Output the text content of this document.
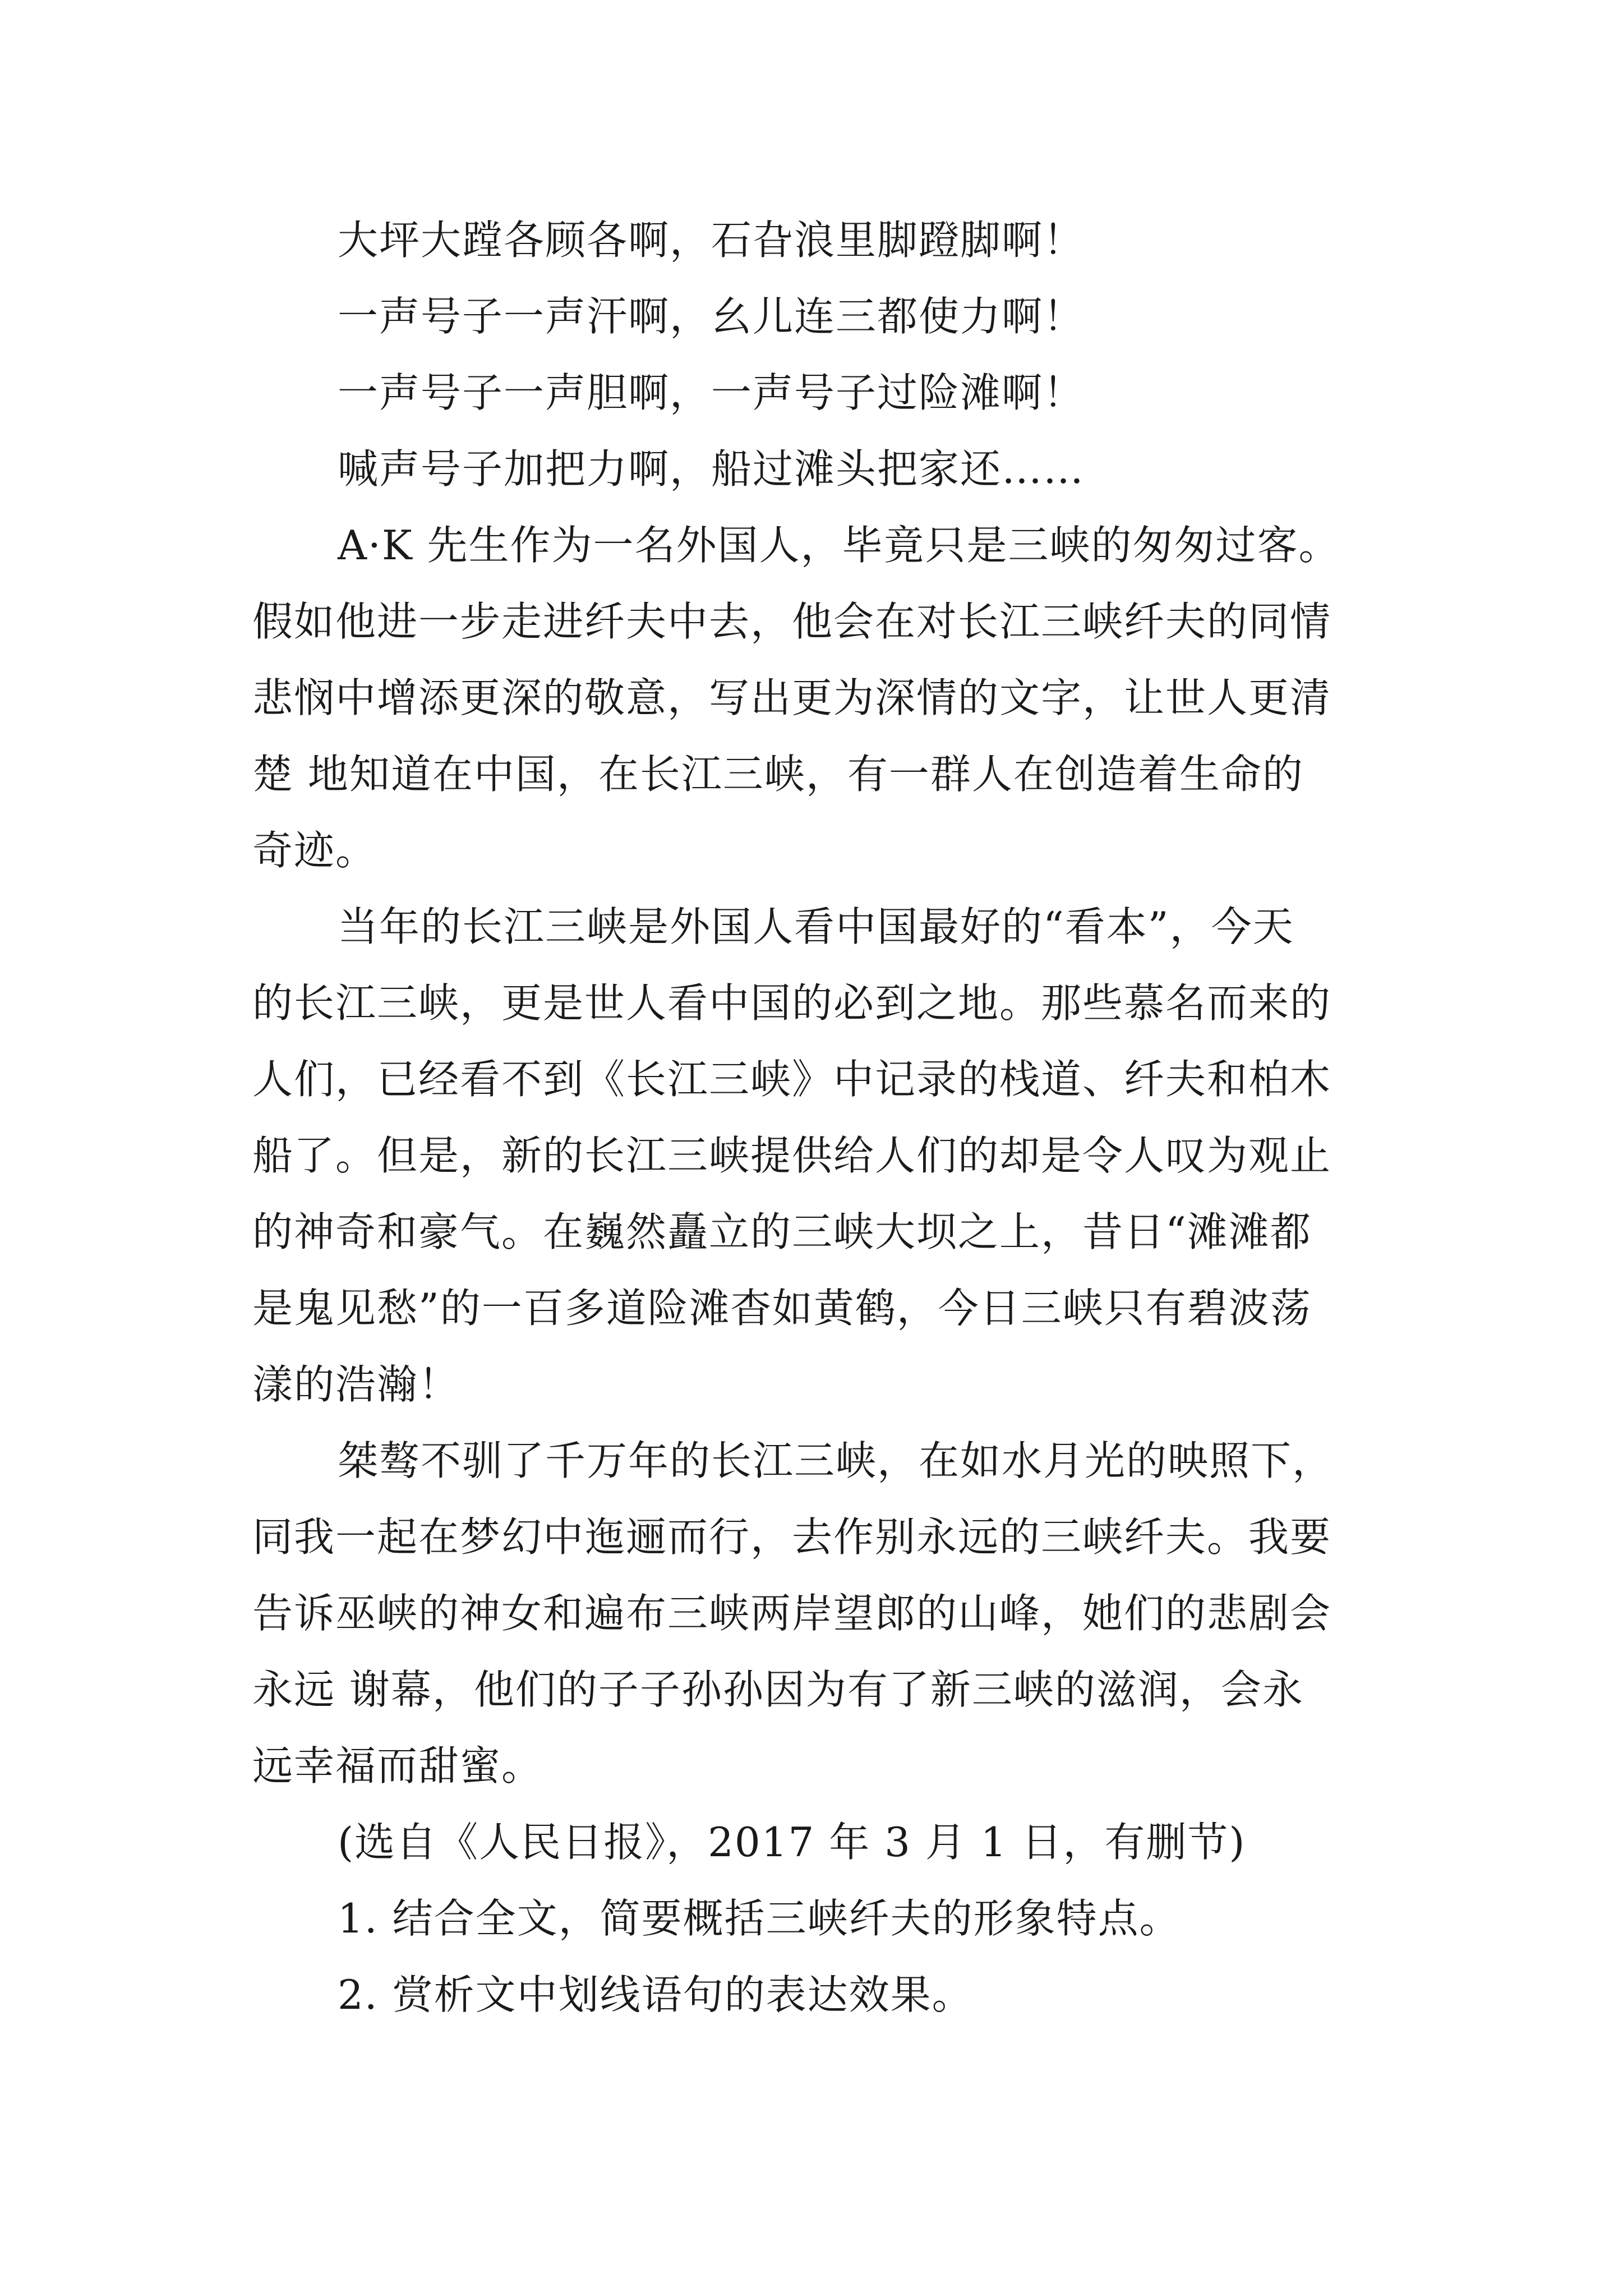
大坪大蹚各顾各啊，石旮浪里脚蹬脚啊！
一声号子一声汗啊，幺儿连三都使力啊！
一声号子一声胆啊，一声号子过险滩啊！
喊声号子加把力啊，船过滩头把家还……
A·K 先生作为一名外国人，毕竟只是三峡的匆匆过客。
假如他进一步走进纤夫中去，他会在对长江三峡纤夫的同情
悲悯中增添更深的敬意，写出更为深情的文字，让世人更清
楚 地知道在中国，在长江三峡，有一群人在创造着生命的
奇迹。
当年的长江三峡是外国人看中国最好的“看本”，今天
的长江三峡，更是世人看中国的必到之地。那些慕名而来的
人们，已经看不到《长江三峡》中记录的栈道、纤夫和柏木
船了。但是，新的长江三峡提供给人们的却是令人叹为观止
的神奇和豪气。在巍然矗立的三峡大坝之上，昔日“滩滩都
是鬼见愁”的一百多道险滩杳如黄鹤，今日三峡只有碧波荡
漾的浩瀚！
桀骜不驯了千万年的长江三峡，在如水月光的映照下，
同我一起在梦幻中迤逦而行，去作别永远的三峡纤夫。我要
告诉巫峡的神女和遍布三峡两岸望郎的山峰，她们的悲剧会
永远 谢幕，他们的子子孙孙因为有了新三峡的滋润，会永
远幸福而甜蜜。
(选自《人民日报》，2017 年 3 月 1 日，有删节)
1. 结合全文，简要概括三峡纤夫的形象特点。
2. 赏析文中划线语句的表达效果。
